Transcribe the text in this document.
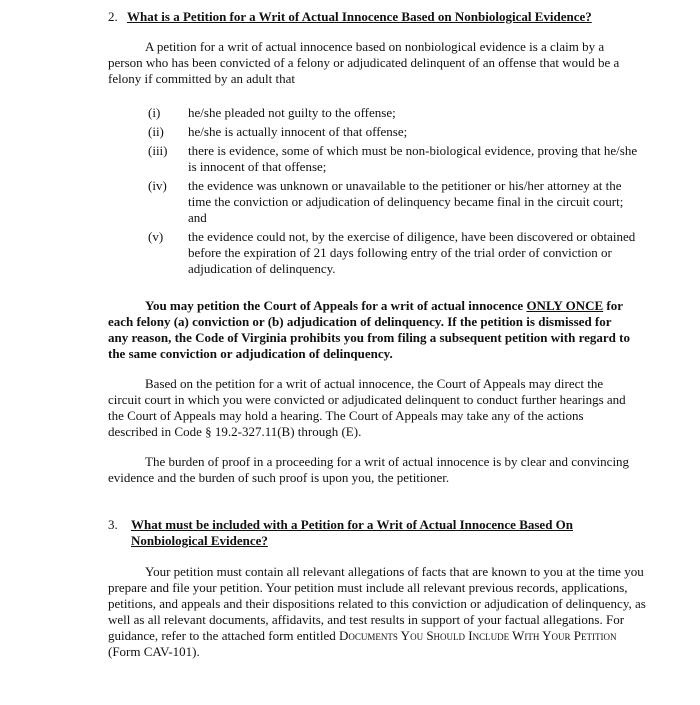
2. What is a Petition for a Writ of Actual Innocence Based on Nonbiological Evidence?
A petition for a writ of actual innocence based on nonbiological evidence is a claim by a person who has been convicted of a felony or adjudicated delinquent of an offense that would be a felony if committed by an adult that
(i)	he/she pleaded not guilty to the offense;
(ii)	he/she is actually innocent of that offense;
(iii)	there is evidence, some of which must be non-biological evidence, proving that he/she is innocent of that offense;
(iv)	the evidence was unknown or unavailable to the petitioner or his/her attorney at the time the conviction or adjudication of delinquency became final in the circuit court; and
(v)	the evidence could not, by the exercise of diligence, have been discovered or obtained before the expiration of 21 days following entry of the trial order of conviction or adjudication of delinquency.
You may petition the Court of Appeals for a writ of actual innocence ONLY ONCE for each felony (a) conviction or (b) adjudication of delinquency. If the petition is dismissed for any reason, the Code of Virginia prohibits you from filing a subsequent petition with regard to the same conviction or adjudication of delinquency.
Based on the petition for a writ of actual innocence, the Court of Appeals may direct the circuit court in which you were convicted or adjudicated delinquent to conduct further hearings and the Court of Appeals may hold a hearing. The Court of Appeals may take any of the actions described in Code § 19.2-327.11(B) through (E).
The burden of proof in a proceeding for a writ of actual innocence is by clear and convincing evidence and the burden of such proof is upon you, the petitioner.
3. What must be included with a Petition for a Writ of Actual Innocence Based On
Nonbiological Evidence?
Your petition must contain all relevant allegations of facts that are known to you at the time you prepare and file your petition. Your petition must include all relevant previous records, applications, petitions, and appeals and their dispositions related to this conviction or adjudication of delinquency, as well as all relevant documents, affidavits, and test results in support of your factual allegations. For guidance, refer to the attached form entitled Documents You Should Include With Your Petition (Form CAV-101).
